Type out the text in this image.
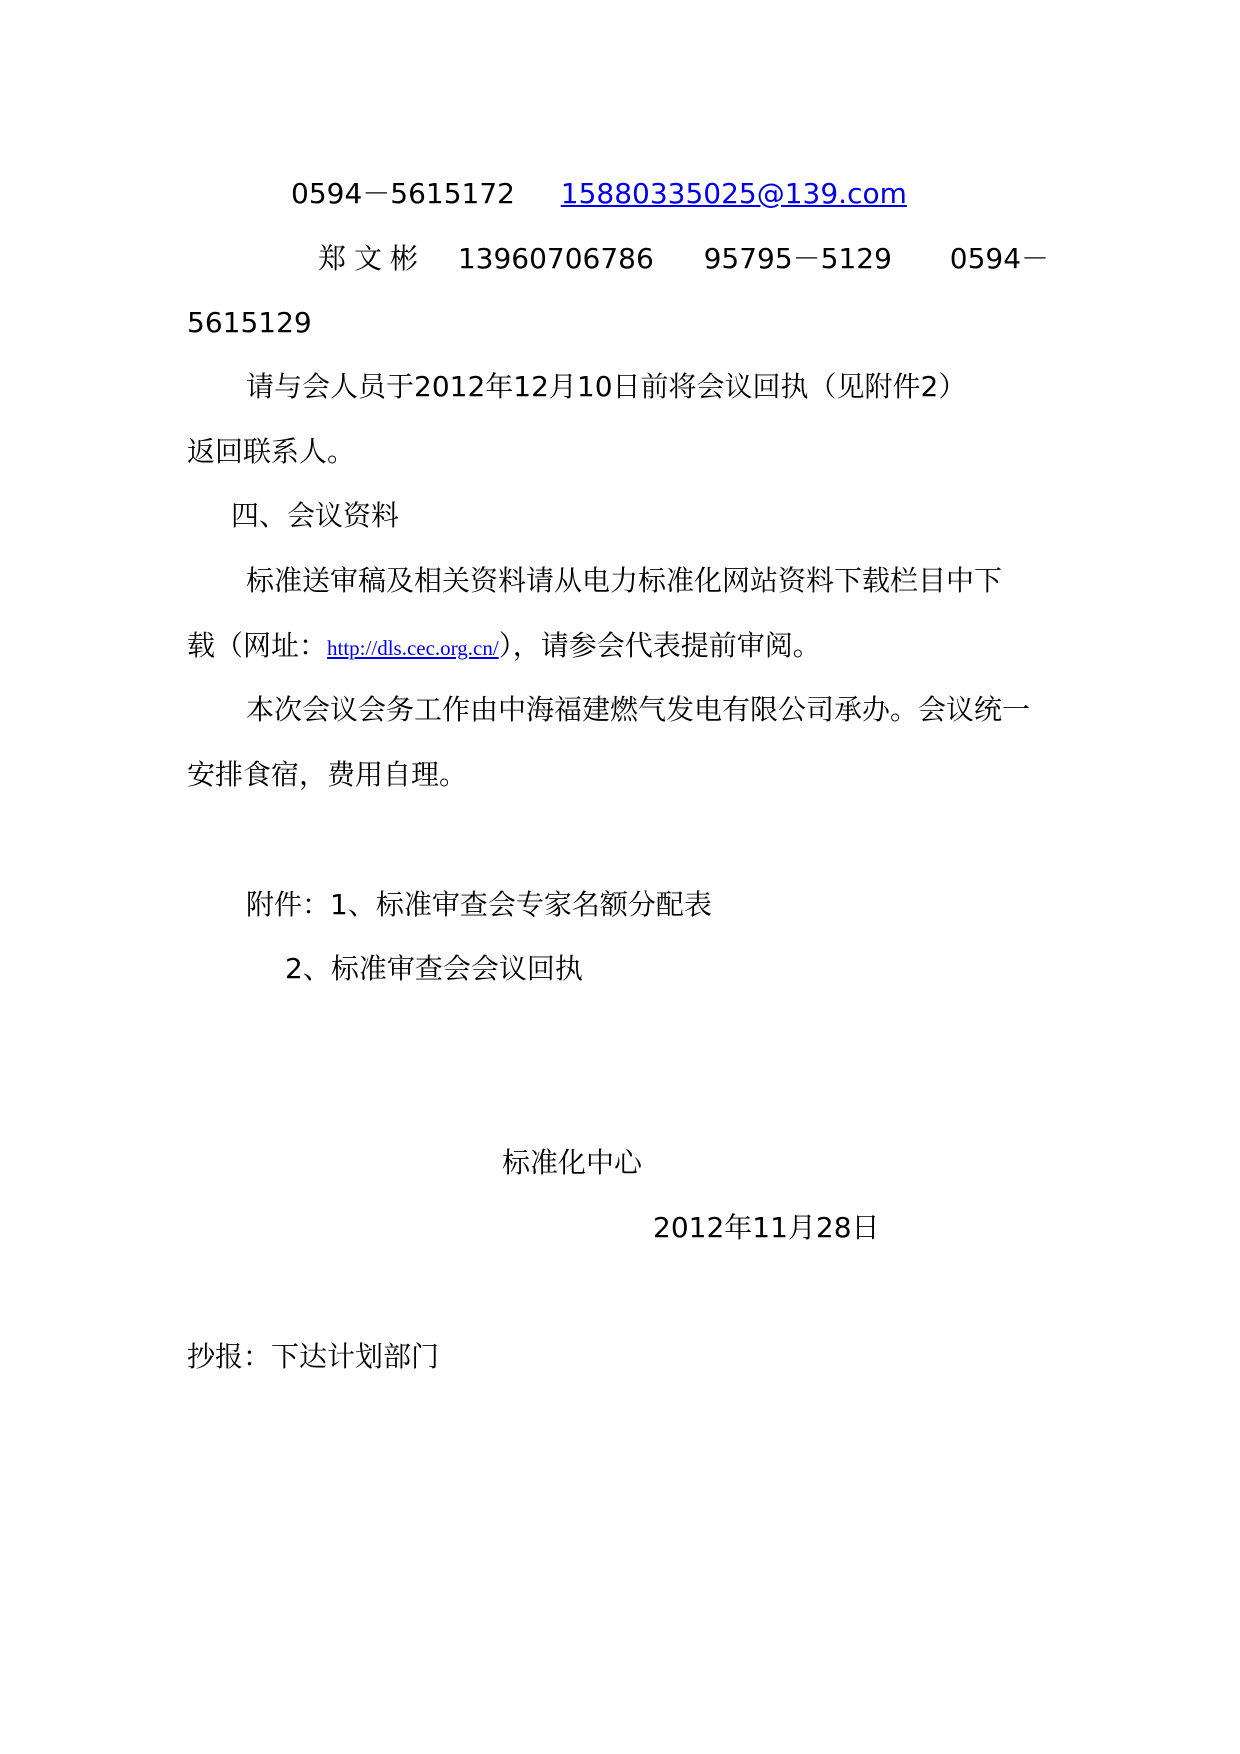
0594－5615172 15880335025@139.com
郑文彬 13960706786 95795－5129 0594－
5615129
请与会人员于2012年12月10日前将会议回执（见附件2）
返回联系人。
四、会议资料
标准送审稿及相关资料请从电力标准化网站资料下载栏目中下
载（网址：http://dls.cec.org.cn/），请参会代表提前审阅。
本次会议会务工作由中海福建燃气发电有限公司承办。会议统一
安排食宿，费用自理。
附件：1、标准审查会专家名额分配表
2、标准审查会会议回执
标准化中心
2012年11月28日
抄报：下达计划部门
